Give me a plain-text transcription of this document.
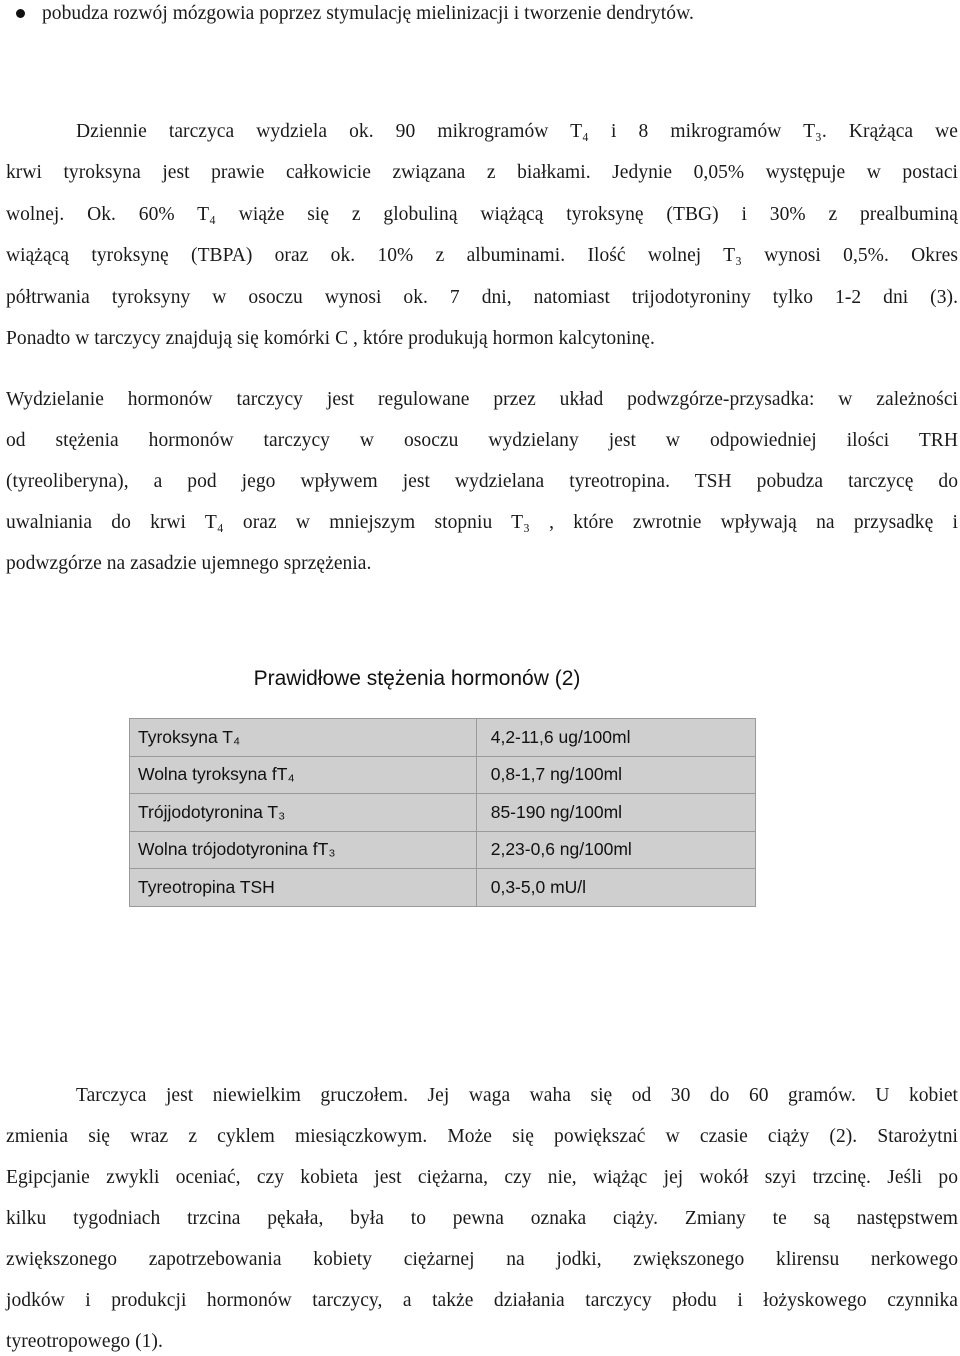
pobudza rozwój mózgowia poprzez stymulację mielinizacji i tworzenie dendrytów.
Dziennie tarczyca wydziela ok. 90 mikrogramów T₄ i 8 mikrogramów T₃. Krążąca we
krwi tyroksyna jest prawie całkowicie związana z białkami. Jedynie 0,05% występuje w postaci
wolnej. Ok. 60% T₄ wiąże się z globuliną wiążącą tyroksynę (TBG) i 30% z prealbuminą
wiążącą tyroksynę (TBPA) oraz ok. 10% z albuminami. Ilość wolnej T₃ wynosi 0,5%. Okres
półtrwania tyroksyny w osoczu wynosi ok. 7 dni, natomiast trijodotyroniny tylko 1-2 dni (3).
Ponadto w tarczycy znajdują się komórki C , które produkują hormon kalcytoninę.
Wydzielanie hormonów tarczycy jest regulowane przez układ podwzgórze-przysadka: w zależności
od stężenia hormonów tarczycy w osoczu wydzielany jest w odpowiedniej ilości TRH
(tyreoliberyna), a pod jego wpływem jest wydzielana tyreotropina. TSH pobudza tarczycę do
uwalniania do krwi T₄ oraz w mniejszym stopniu T₃ , które zwrotnie wpływają na przysadkę i
podwzgórze na zasadzie ujemnego sprzężenia.
Prawidłowe stężenia hormonów (2)
Tyroksyna T₄	4,2-11,6 ug/100ml
Wolna tyroksyna fT₄	0,8-1,7 ng/100ml
Trójjodotyronina T₃	85-190 ng/100ml
Wolna trójodotyronina fT₃	2,23-0,6 ng/100ml
Tyreotropina TSH	0,3-5,0 mU/l
Tarczyca jest niewielkim gruczołem. Jej waga waha się od 30 do 60 gramów. U kobiet
zmienia się wraz z cyklem miesiączkowym. Może się powiększać w czasie ciąży (2). Starożytni
Egipcjanie zwykli oceniać, czy kobieta jest ciężarna, czy nie, wiążąc jej wokół szyi trzcinę. Jeśli po
kilku tygodniach trzcina pękała, była to pewna oznaka ciąży. Zmiany te są następstwem
zwiększonego zapotrzebowania kobiety ciężarnej na jodki, zwiększonego klirensu nerkowego
jodków i produkcji hormonów tarczycy, a także działania tarczycy płodu i łożyskowego czynnika
tyreotropowego (1).
